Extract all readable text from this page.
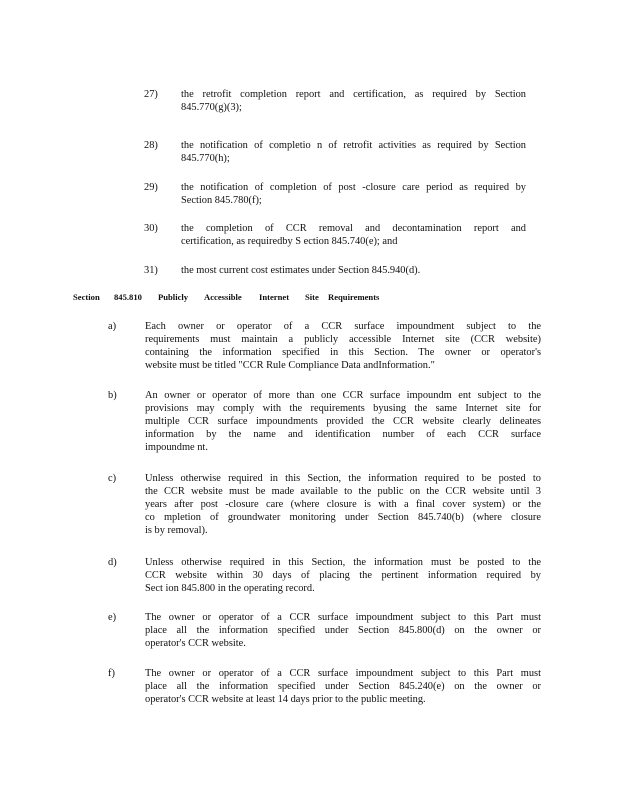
27) the retrofit completion report and certification, as required by Section
845.770(g)(3);
28) the notification of completio n of retrofit activities as required by Section
845.770(h);
29) the notification of completion of post -closure care period as required by
Section 845.780(f);
30) the completion of CCR removal and decontamination report and
certification, as requiredby S ection 845.740(e); and
31) the most current cost estimates under Section 845.940(d).
Section 845.810 Publicly Accessible Internet Site Requirements
a)	Each owner or operator of a CCR surface impoundment subject to the
requirements must maintain a publicly accessible Internet site (CCR website)
containing the information specified in this Section. The owner or operator's
website must be titled "CCR Rule Compliance Data andInformation."
b)	An owner or operator of more than one CCR surface impoundm ent subject to the
provisions may comply with the requirements byusing the same Internet site for
multiple CCR surface impoundments provided the CCR website clearly delineates
information by the name and identification number of each CCR surface
impoundme nt.
c)	Unless otherwise required in this Section, the information required to be posted to
the CCR website must be made available to the public on the CCR website until 3
years after post -closure care (where closure is with a final cover system) or the
co mpletion of groundwater monitoring under Section 845.740(b) (where closure
is by removal).
d)	Unless otherwise required in this Section, the information must be posted to the
CCR website within 30 days of placing the pertinent information required by
Sect ion 845.800 in the operating record.
e)	The owner or operator of a CCR surface impoundment subject to this Part must
place all the information specified under Section 845.800(d) on the owner or
operator's CCR website.
f)	The owner or operator of a CCR surface impoundment subject to this Part must
place all the information specified under Section 845.240(e) on the owner or
operator's CCR website at least 14 days prior to the public meeting.
